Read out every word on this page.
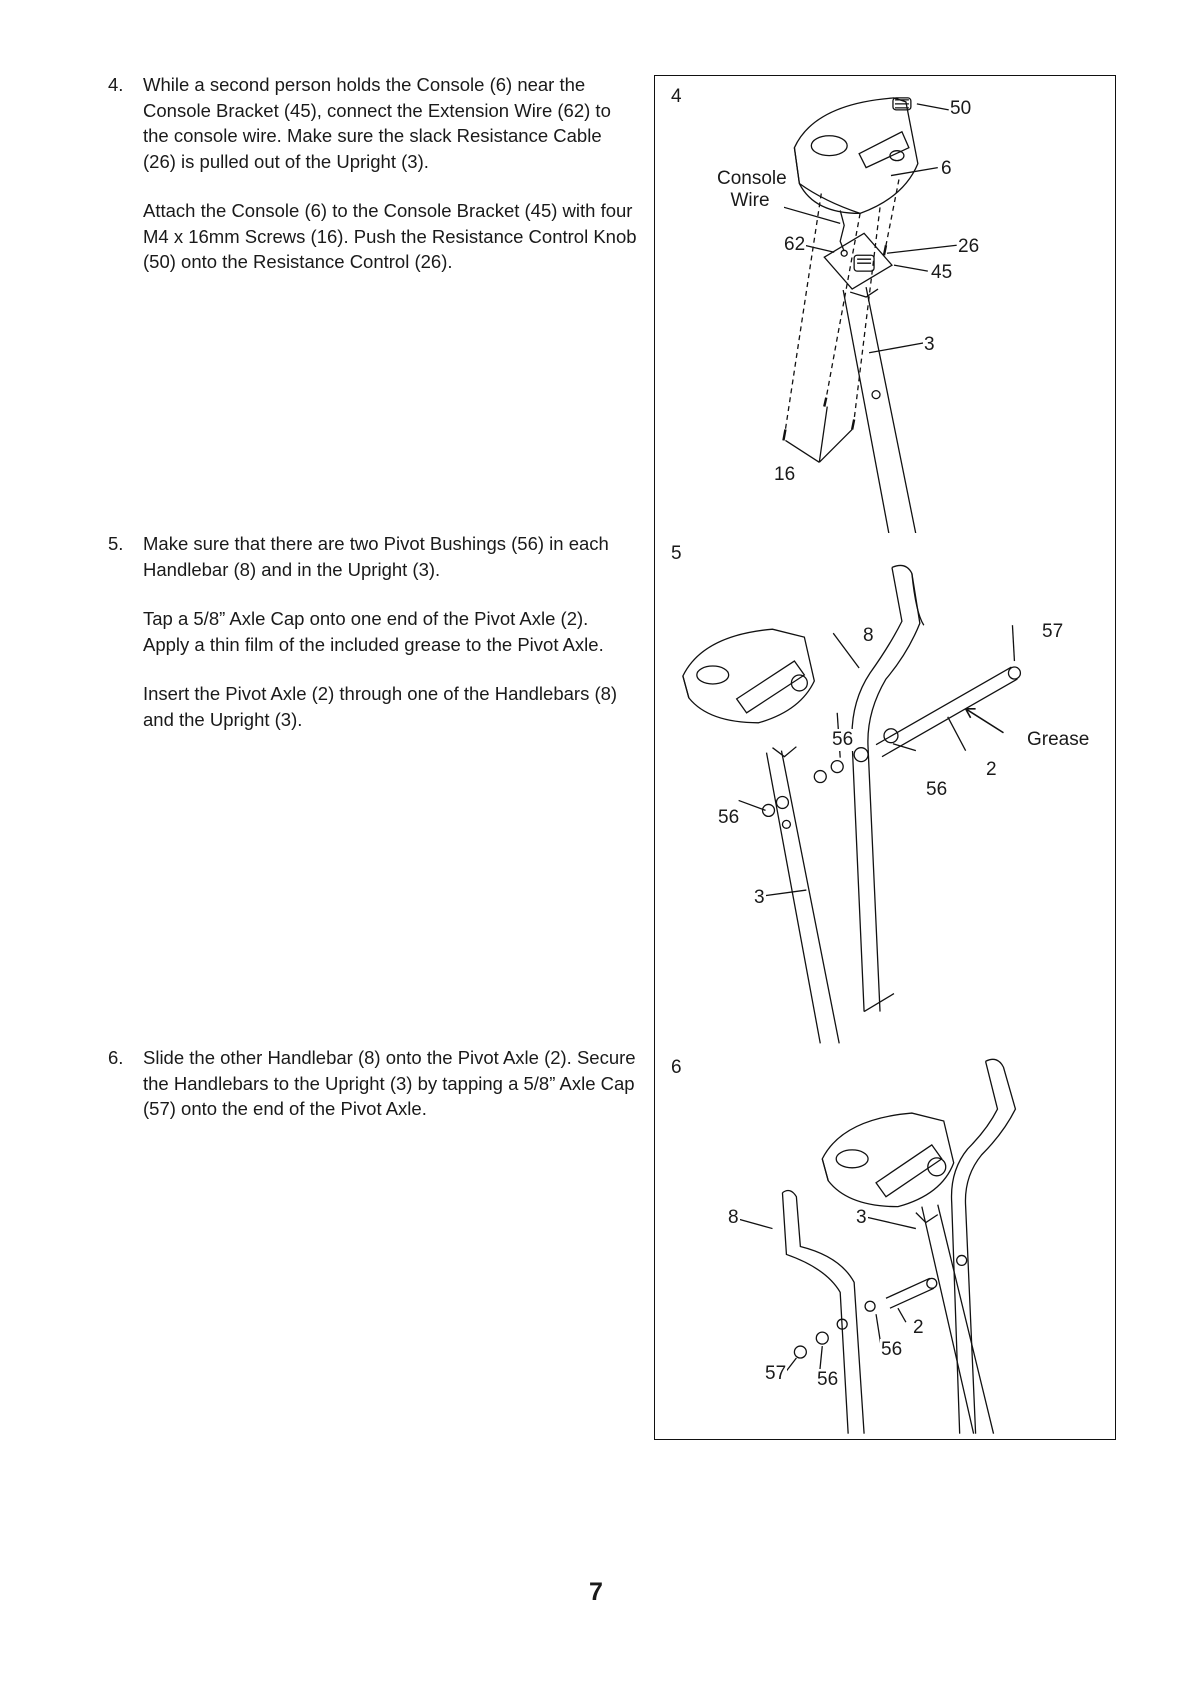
4. While a second person holds the Console (6) near the Console Bracket (45), connect the Extension Wire (62) to the console wire. Make sure the slack Resistance Cable (26) is pulled out of the Upright (3).

Attach the Console (6) to the Console Bracket (45) with four M4 x 16mm Screws (16). Push the Resistance Control Knob (50) onto the Resistance Control (26).

5. Make sure that there are two Pivot Bushings (56) in each Handlebar (8) and in the Upright (3).

Tap a 5/8” Axle Cap onto one end of the Pivot Axle (2). Apply a thin film of the included grease to the Pivot Axle.

Insert the Pivot Axle (2) through one of the Handlebars (8) and the Upright (3).

6. Slide the other Handlebar (8) onto the Pivot Axle (2). Secure the Handlebars to the Upright (3) by tapping a 5/8” Axle Cap (57) onto the end of the Pivot Axle.

4
50
6
Console Wire
62	26
45
3
16
5
8	57
56	Grease
2
56
56
3
6
8	3
2
56
57 56
7
